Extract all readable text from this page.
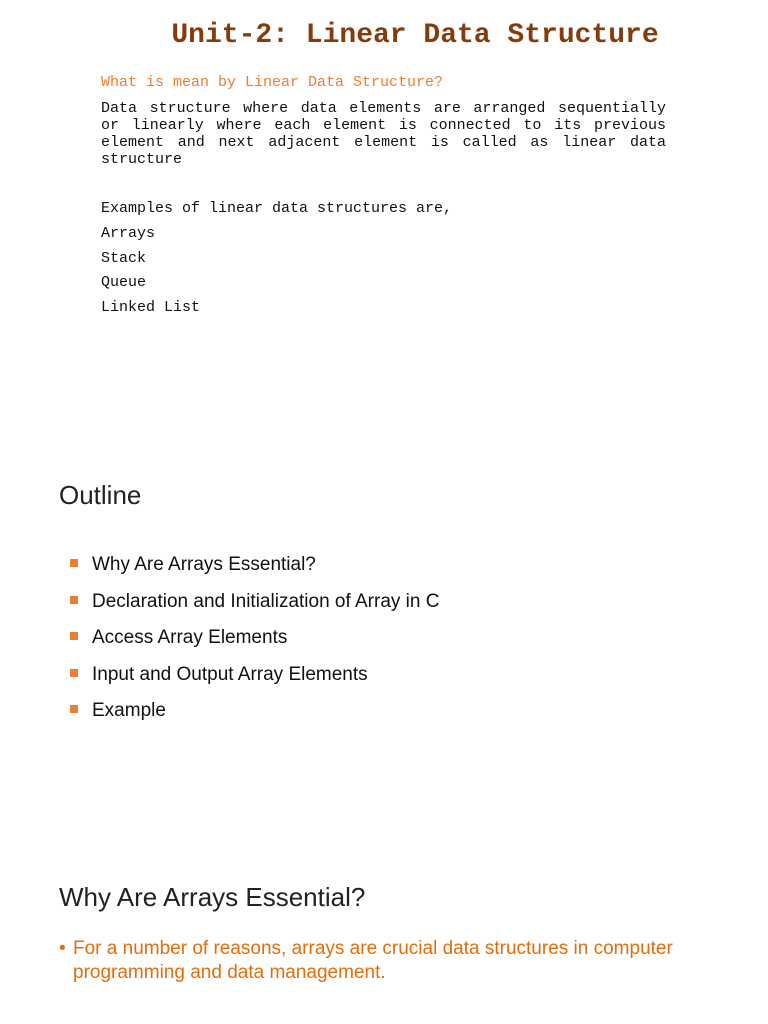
Unit-2: Linear Data Structure
What is mean by Linear Data Structure?

Data structure where data elements are arranged sequentially or linearly where each element is connected to its previous element and next adjacent element is called as linear data structure

Examples of linear data structures are,
Arrays
Stack
Queue
Linked List
Outline
Why Are Arrays Essential?
Declaration and Initialization of Array in C
Access Array Elements
Input and Output Array Elements
Example
Why Are Arrays Essential?
• For a number of reasons, arrays are crucial data structures in computer programming and data management.
